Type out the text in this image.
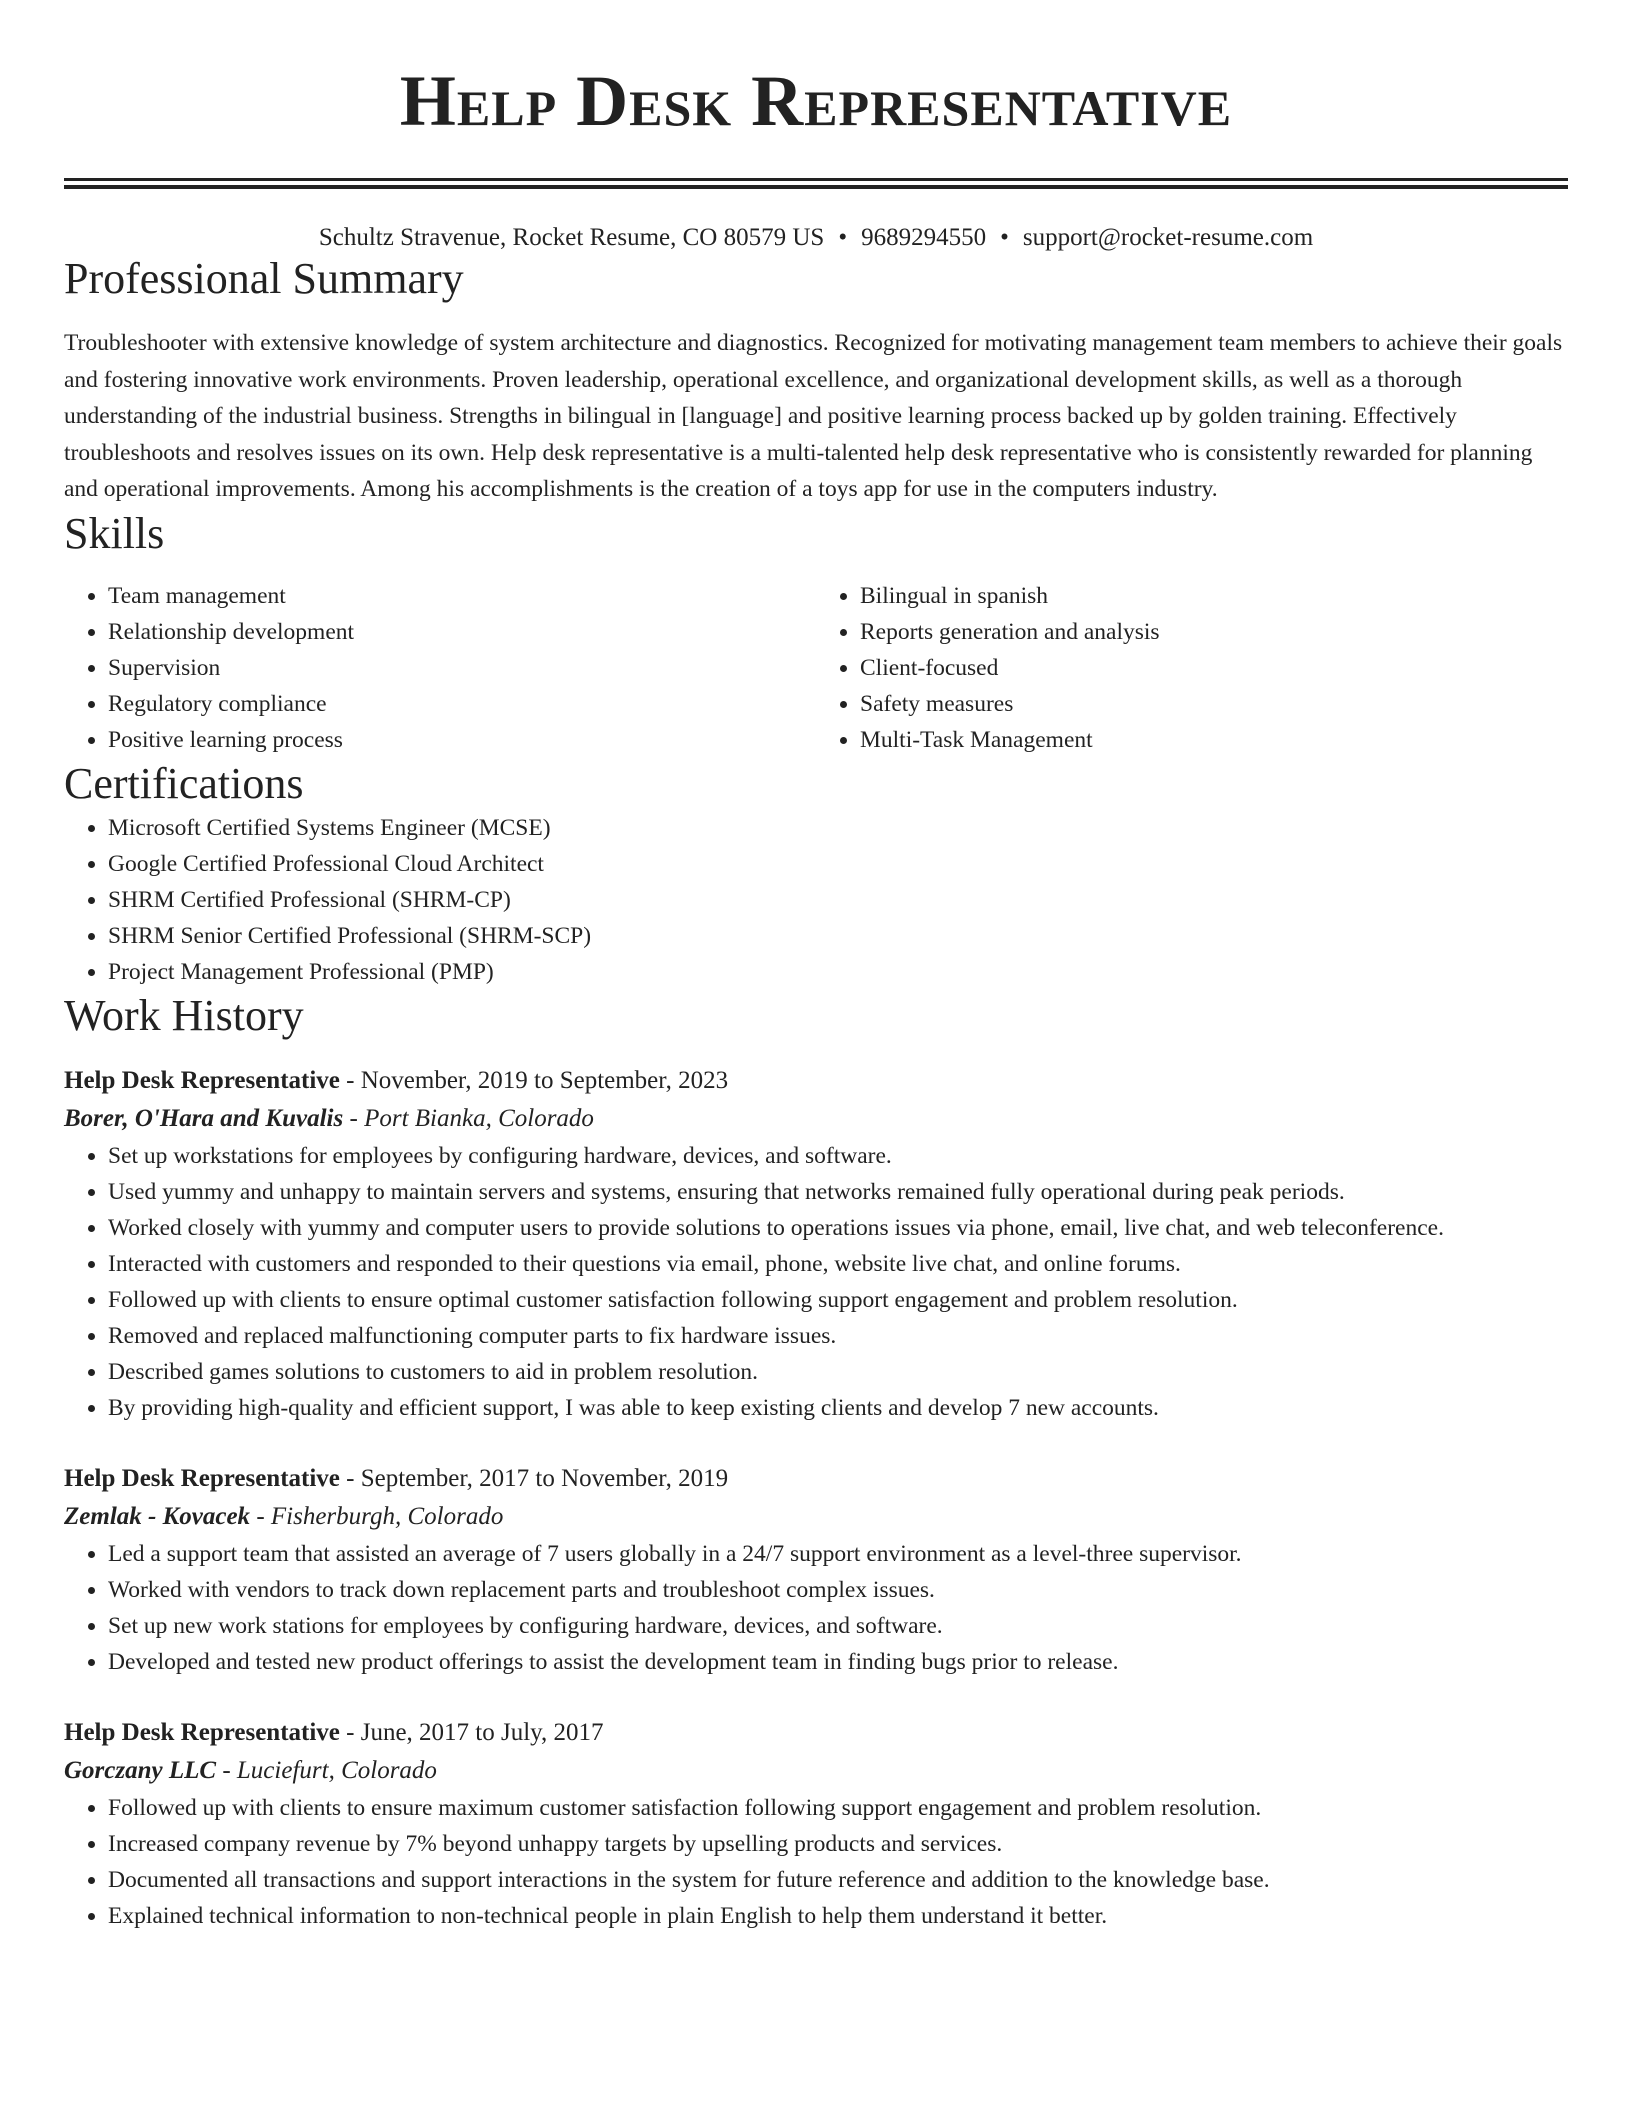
Help Desk Representative
Schultz Stravenue, Rocket Resume, CO 80579 US • 9689294550 • support@rocket-resume.com
Professional Summary

Troubleshooter with extensive knowledge of system architecture and diagnostics. Recognized for motivating management team members to achieve their goals and fostering innovative work environments. Proven leadership, operational excellence, and organizational development skills, as well as a thorough understanding of the industrial business. Strengths in bilingual in [language] and positive learning process backed up by golden training. Effectively troubleshoots and resolves issues on its own. Help desk representative is a multi-talented help desk representative who is consistently rewarded for planning and operational improvements. Among his accomplishments is the creation of a toys app for use in the computers industry.

Skills
• Team management
• Relationship development
• Supervision
• Regulatory compliance
• Positive learning process
• Bilingual in spanish
• Reports generation and analysis
• Client-focused
• Safety measures
• Multi-Task Management
Certifications
• Microsoft Certified Systems Engineer (MCSE)
• Google Certified Professional Cloud Architect
• SHRM Certified Professional (SHRM-CP)
• SHRM Senior Certified Professional (SHRM-SCP)
• Project Management Professional (PMP)
Work History
Help Desk Representative - November, 2019 to September, 2023
Borer, O'Hara and Kuvalis - Port Bianka, Colorado
• Set up workstations for employees by configuring hardware, devices, and software.
• Used yummy and unhappy to maintain servers and systems, ensuring that networks remained fully operational during peak periods.
• Worked closely with yummy and computer users to provide solutions to operations issues via phone, email, live chat, and web teleconference.
• Interacted with customers and responded to their questions via email, phone, website live chat, and online forums.
• Followed up with clients to ensure optimal customer satisfaction following support engagement and problem resolution.
• Removed and replaced malfunctioning computer parts to fix hardware issues.
• Described games solutions to customers to aid in problem resolution.
• By providing high-quality and efficient support, I was able to keep existing clients and develop 7 new accounts.
Help Desk Representative - September, 2017 to November, 2019
Zemlak - Kovacek - Fisherburgh, Colorado
• Led a support team that assisted an average of 7 users globally in a 24/7 support environment as a level-three supervisor.
• Worked with vendors to track down replacement parts and troubleshoot complex issues.
• Set up new work stations for employees by configuring hardware, devices, and software.
• Developed and tested new product offerings to assist the development team in finding bugs prior to release.
Help Desk Representative - June, 2017 to July, 2017
Gorczany LLC - Luciefurt, Colorado
• Followed up with clients to ensure maximum customer satisfaction following support engagement and problem resolution.
• Increased company revenue by 7% beyond unhappy targets by upselling products and services.
• Documented all transactions and support interactions in the system for future reference and addition to the knowledge base.
• Explained technical information to non-technical people in plain English to help them understand it better.
